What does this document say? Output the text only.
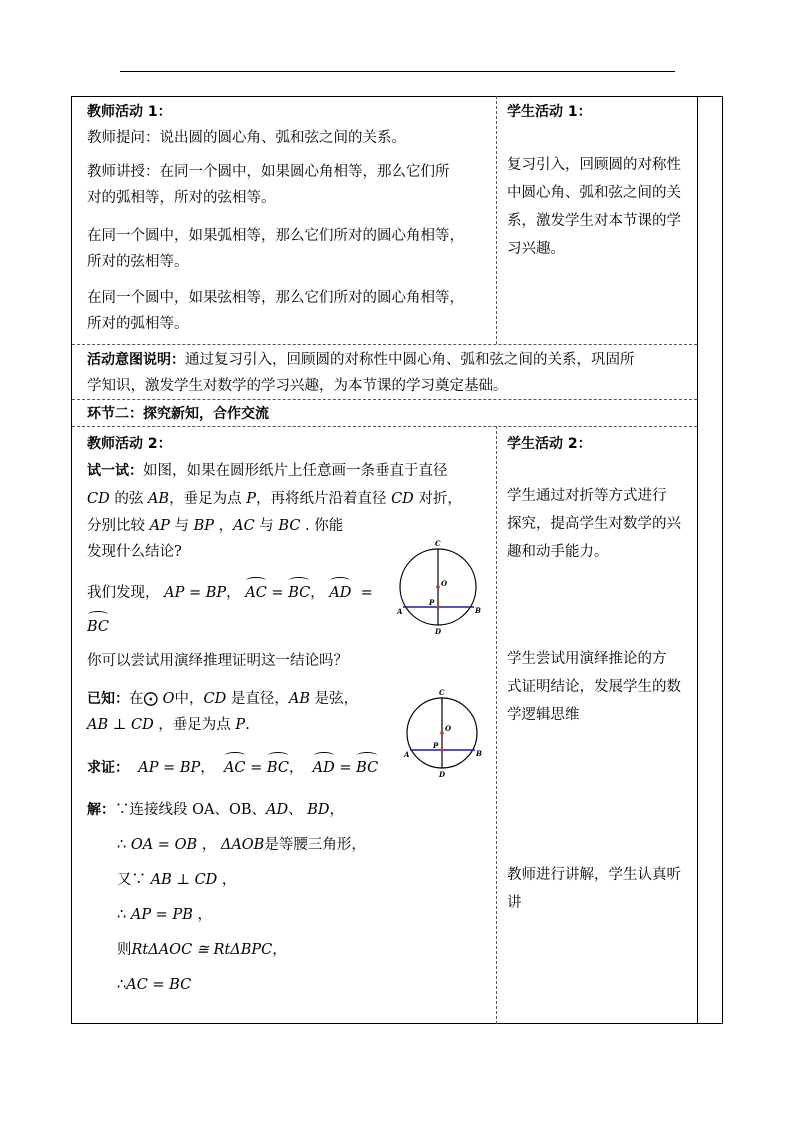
教师活动 1：
教师提问：说出圆的圆心角、弧和弦之间的关系。
教师讲授：在同一个圆中，如果圆心角相等，那么它们所
对的弧相等，所对的弦相等。
在同一个圆中，如果弧相等，那么它们所对的圆心角相等，
所对的弦相等。
在同一个圆中，如果弦相等，那么它们所对的圆心角相等，
所对的弧相等。
学生活动 1：
复习引入，回顾圆的对称性
中圆心角、弧和弦之间的关
系，激发学生对本节课的学
习兴趣。
活动意图说明：通过复习引入，回顾圆的对称性中圆心角、弧和弦之间的关系，巩固所
学知识，激发学生对数学的学习兴趣，为本节课的学习奠定基础。
环节二：探究新知，合作交流
教师活动 2：
试一试：如图，如果在圆形纸片上任意画一条垂直于直径
CD 的弦 AB，垂足为点 P，再将纸片沿着直径 CD 对折，
分别比较 AP 与 BP ，AC 与 BC . 你能
发现什么结论?
我们发现， AP = BP， AC = BC， AD  =
BC
C
O
P
A	B
D
你可以尝试用演绎推理证明这一结论吗？
已知：在⨀ O中，CD 是直径，AB 是弦，
AB ⊥ CD ，垂足为点 P.
C
O
P
A	B
D
求证： AP = BP，  AC = BC，  AD = BC
解：∵连接线段 OA、OB、AD、 BD，
∴ OA = OB ， ΔAOB是等腰三角形，
又∵ AB ⊥ CD ，
∴ AP = PB ，
则RtΔAOC ≅ RtΔBPC，
∴AC = BC
学生活动 2：
学生通过对折等方式进行
探究，提高学生对数学的兴
趣和动手能力。
学生尝试用演绎推论的方
式证明结论，发展学生的数
学逻辑思维
教师进行讲解，学生认真听
讲
